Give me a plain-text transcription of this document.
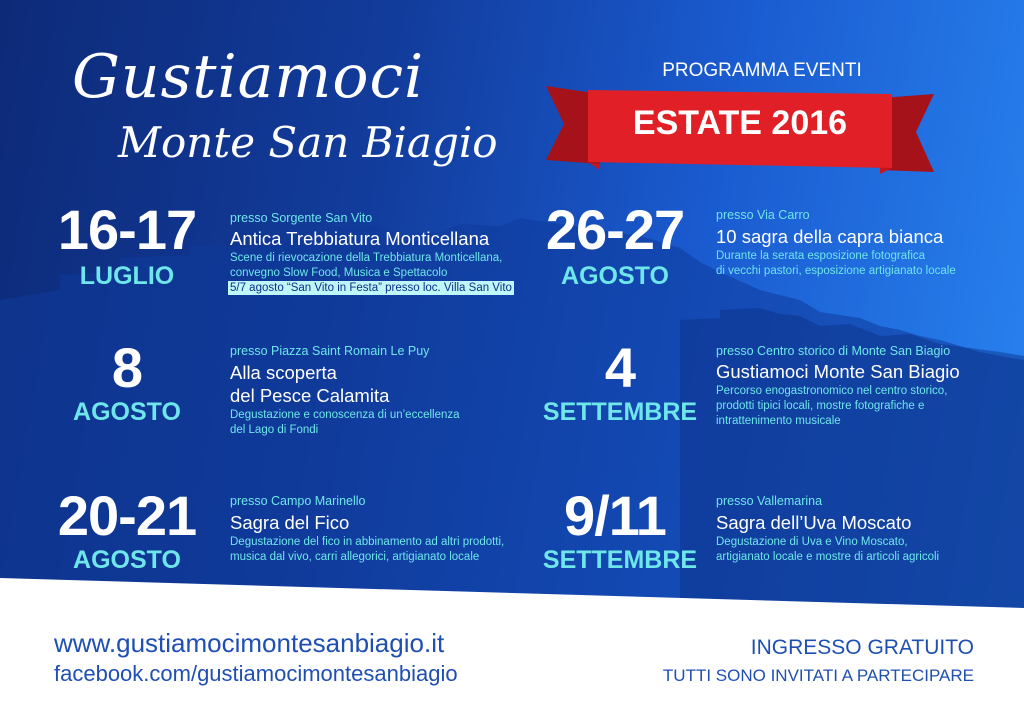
Gustiamoci
Monte San Biagio
PROGRAMMA EVENTI
ESTATE 2016
16-17
LUGLIO
presso Sorgente San Vito
Antica Trebbiatura Monticellana
Scene di rievocazione della Trebbiatura Monticellana,
convegno Slow Food, Musica e Spettacolo
5/7 agosto “San Vito in Festa” presso loc. Villa San Vito
26-27
AGOSTO
presso Via Carro
10 sagra della capra bianca
Durante la serata esposizione fotografica
di vecchi pastori, esposizione artigianato locale
8
AGOSTO
presso Piazza Saint Romain Le Puy
Alla scoperta
del Pesce Calamita
Degustazione e conoscenza di un’eccellenza
del Lago di Fondi
4
SETTEMBRE
presso Centro storico di Monte San Biagio
Gustiamoci Monte San Biagio
Percorso enogastronomico nel centro storico,
prodotti tipici locali, mostre fotografiche e
intrattenimento musicale
20-21
AGOSTO
presso Campo Marinello
Sagra del Fico
Degustazione del fico in abbinamento ad altri prodotti,
musica dal vivo, carri allegorici, artigianato locale
9/11
SETTEMBRE
presso Vallemarina
Sagra dell’Uva Moscato
Degustazione di Uva e Vino Moscato,
artigianato locale e mostre di articoli agricoli
www.gustiamocimontesanbiagio.it
facebook.com/gustiamocimontesanbiagio
INGRESSO GRATUITO
TUTTI SONO INVITATI A PARTECIPARE
